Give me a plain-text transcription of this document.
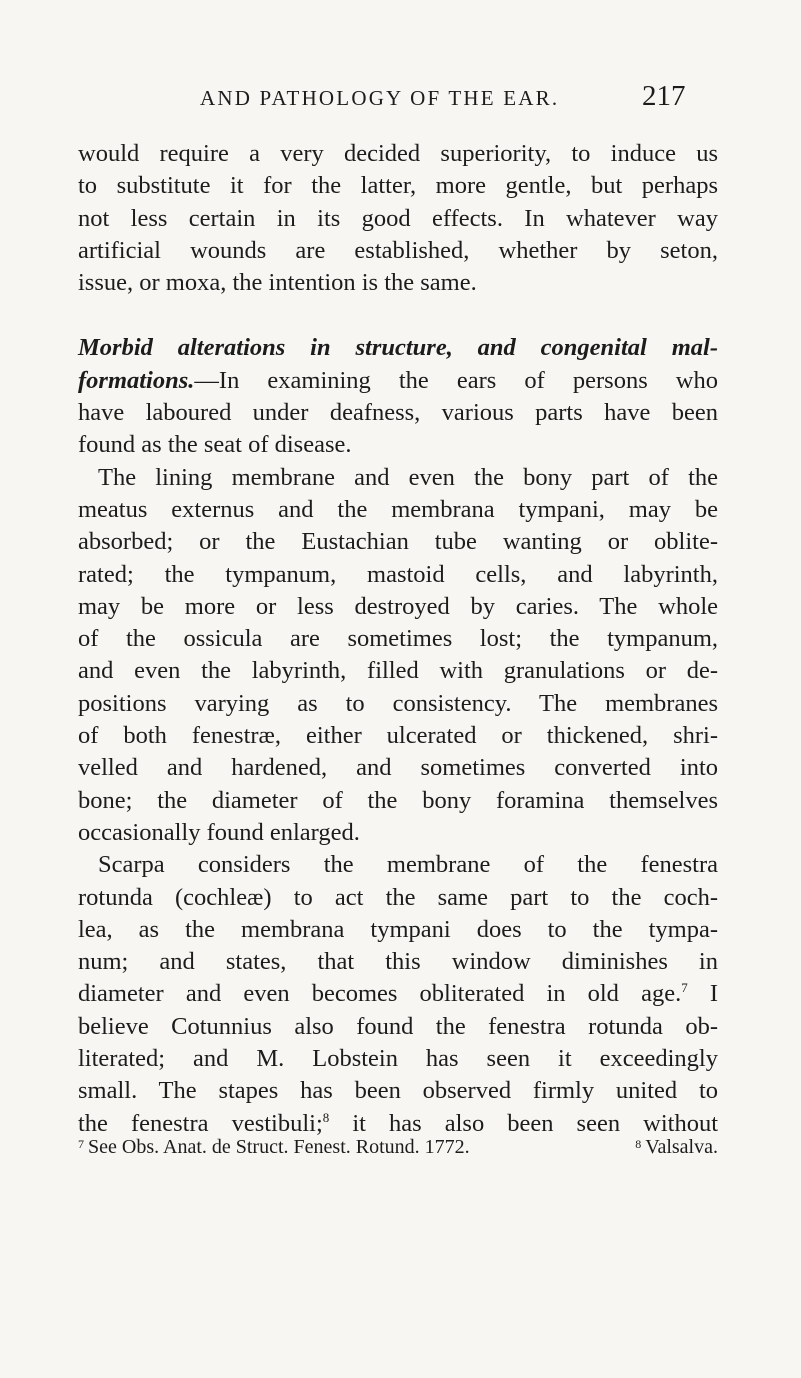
AND PATHOLOGY OF THE EAR.	217
would require a very decided superiority, to induce us
to substitute it for the latter, more gentle, but perhaps
not less certain in its good effects. In whatever way
artificial wounds are established, whether by seton,
issue, or moxa, the intention is the same.
Morbid alterations in structure, and congenital mal-
formations.—In examining the ears of persons who
have laboured under deafness, various parts have been
found as the seat of disease.
The lining membrane and even the bony part of the
meatus externus and the membrana tympani, may be
absorbed; or the Eustachian tube wanting or oblite-
rated; the tympanum, mastoid cells, and labyrinth,
may be more or less destroyed by caries. The whole
of the ossicula are sometimes lost; the tympanum,
and even the labyrinth, filled with granulations or de-
positions varying as to consistency. The membranes
of both fenestræ, either ulcerated or thickened, shri-
velled and hardened, and sometimes converted into
bone; the diameter of the bony foramina themselves
occasionally found enlarged.
Scarpa considers the membrane of the fenestra
rotunda (cochleæ) to act the same part to the coch-
lea, as the membrana tympani does to the tympa-
num; and states, that this window diminishes in
diameter and even becomes obliterated in old age.$^7$ I
believe Cotunnius also found the fenestra rotunda ob-
literated; and M. Lobstein has seen it exceedingly
small. The stapes has been observed firmly united to
the fenestra vestibuli;$^8$ it has also been seen without
$^7$ See Obs. Anat. de Struct. Fenest. Rotund. 1772.	$^8$ Valsalva.
